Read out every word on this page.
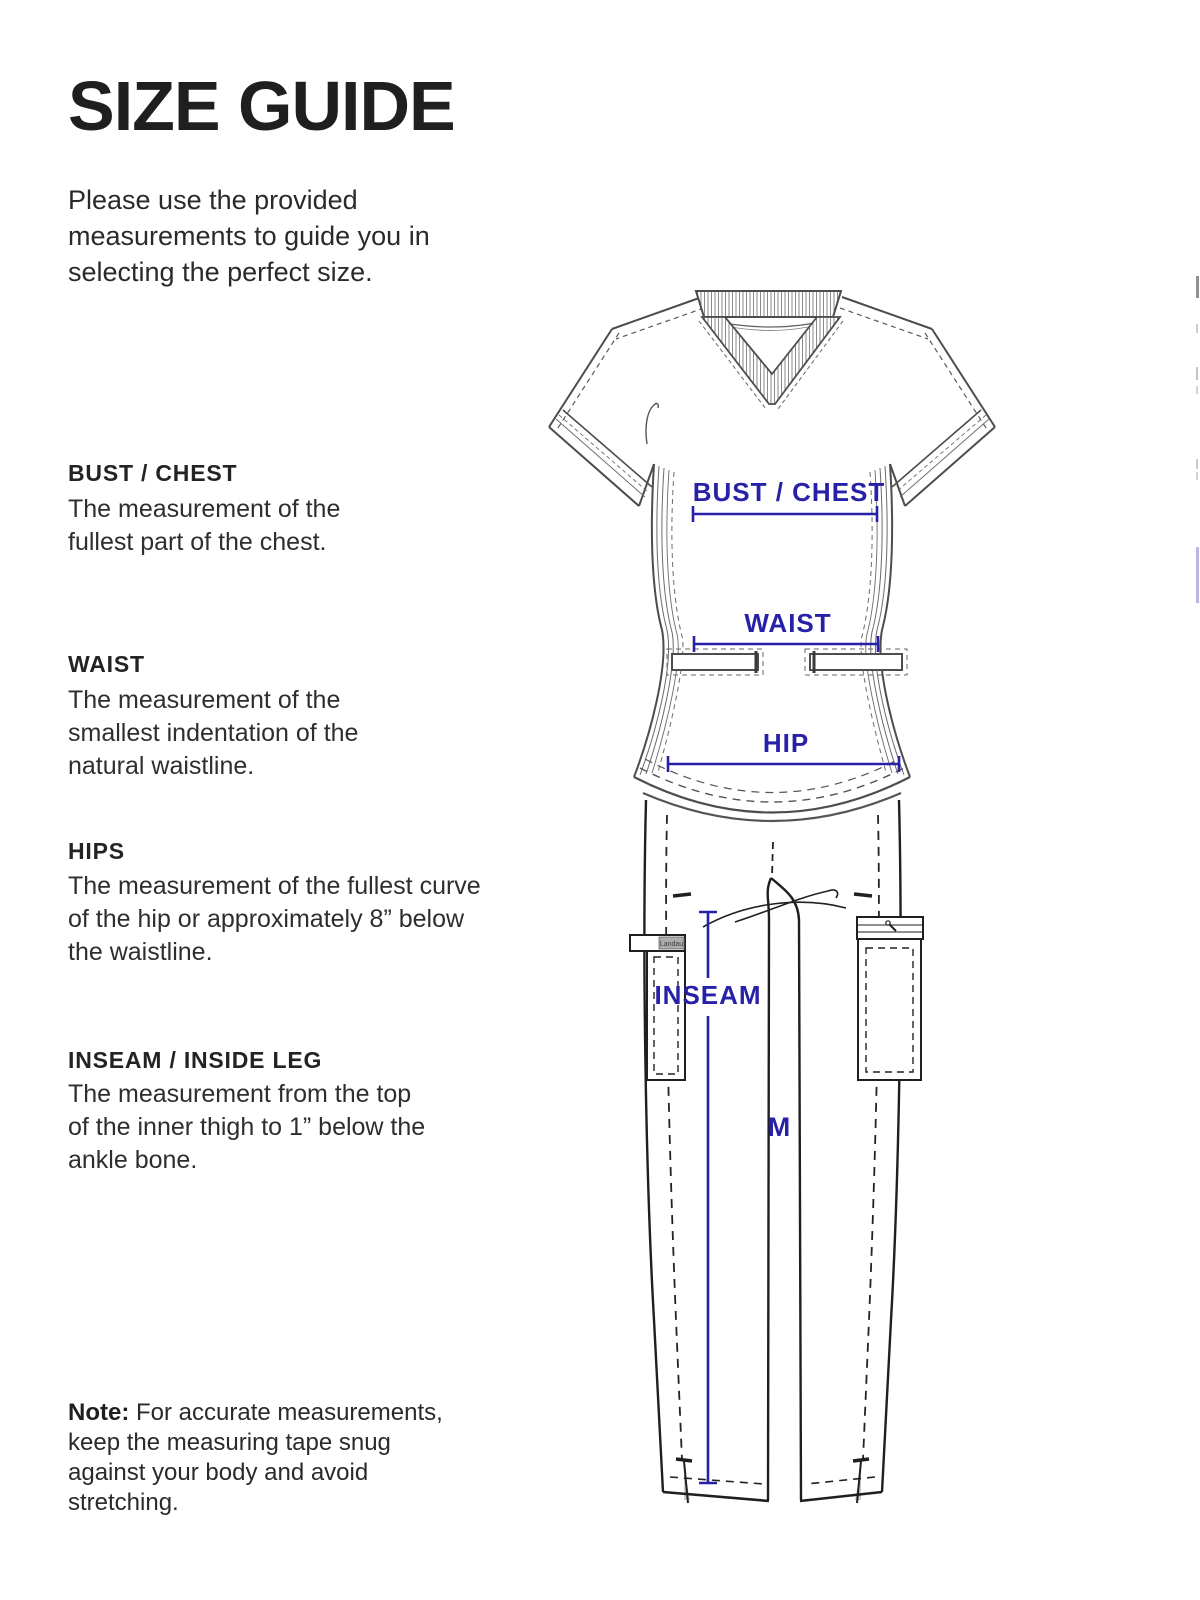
SIZE GUIDE
Please use the provided measurements to guide you in selecting the perfect size.
BUST / CHEST
The measurement of the fullest part of the chest.
WAIST
The measurement of the smallest indentation of the natural waistline.
HIPS
The measurement of the fullest curve of the hip or approximately 8” below the waistline.
INSEAM / INSIDE LEG
The measurement from the top of the inner thigh to 1” below the ankle bone.
Note: For accurate measurements, keep the measuring tape snug against your body and avoid stretching.
Landau
BUST / CHEST
WAIST
HIP
INSEAM
M
